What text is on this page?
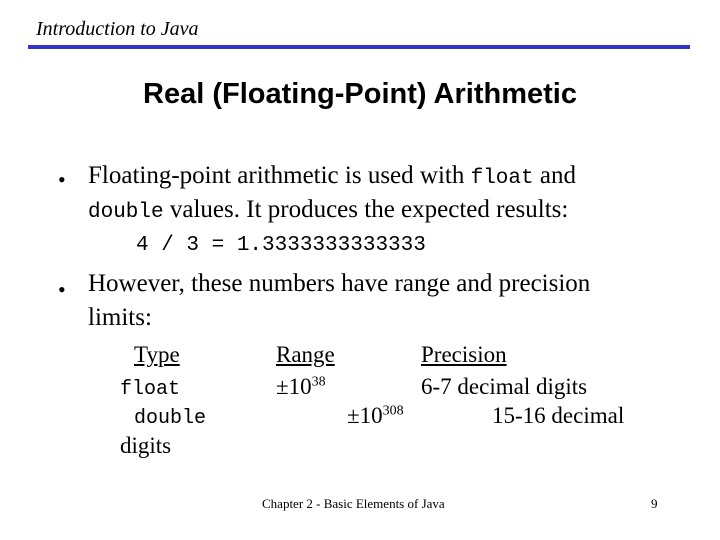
Introduction to Java
Real (Floating-Point) Arithmetic
• Floating-point arithmetic is used with float and
double values. It produces the expected results:
4 / 3 = 1.3333333333333
• However, these numbers have range and precision
limits:
Type	Range	Precision
float	$\pm 10^{38}$	6-7 decimal digits
double	$\pm 10^{308}$	15-16 decimal
digits
Chapter 2 - Basic Elements of Java	9
